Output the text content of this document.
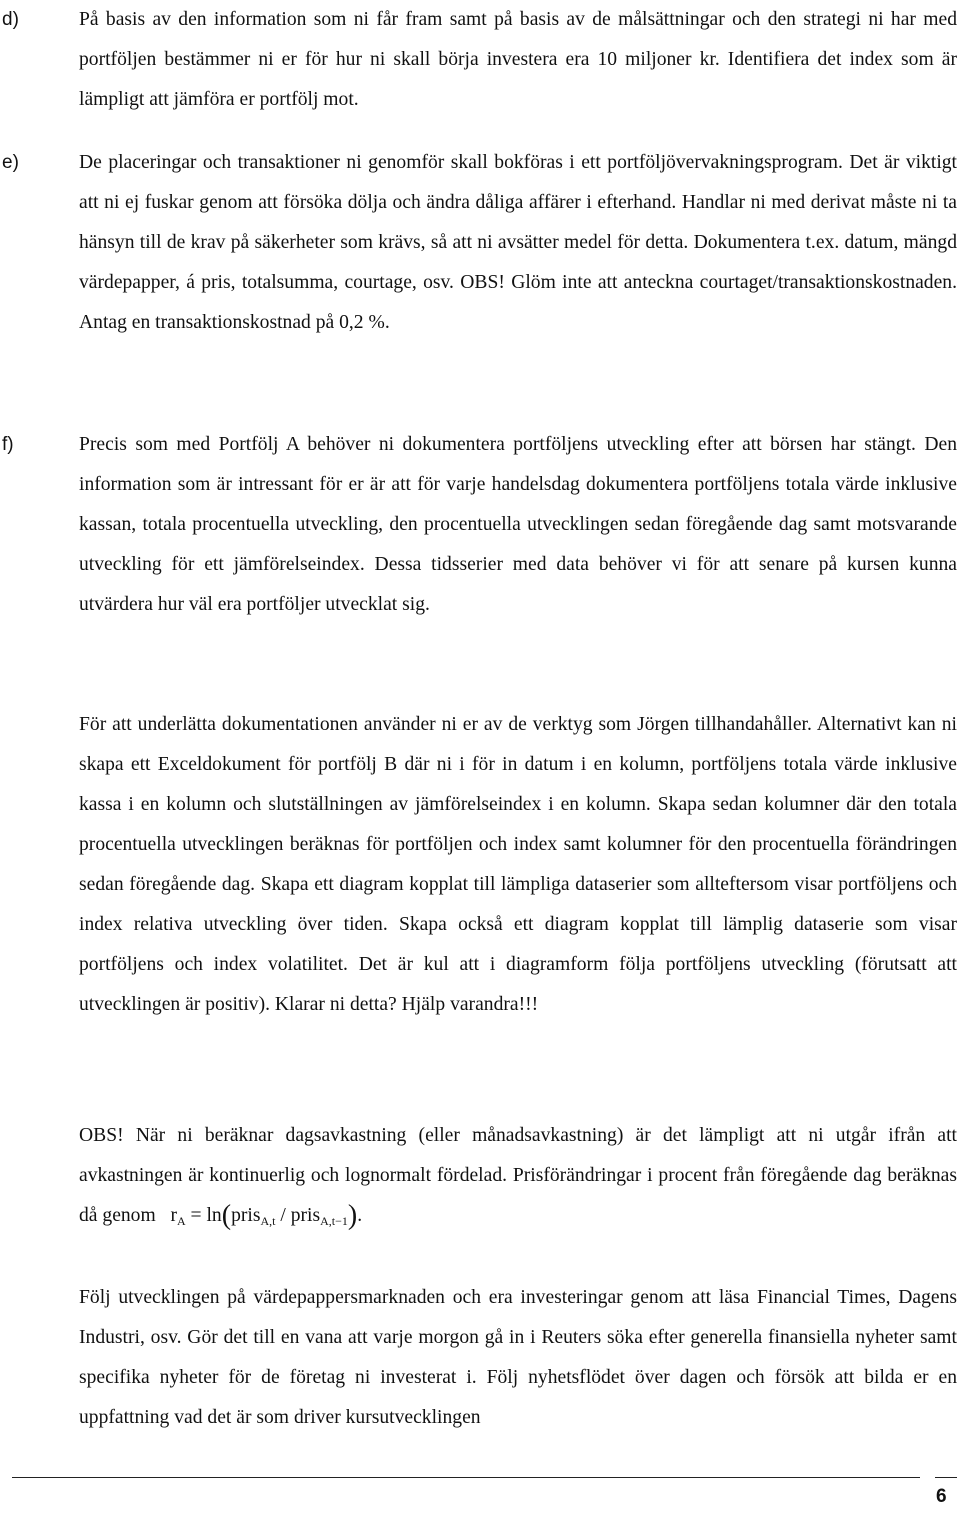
d)	På basis av den information som ni får fram samt på basis av de målsättningar och den strategi ni har med portföljen bestämmer ni er för hur ni skall börja investera era 10 miljoner kr. Identifiera det index som är lämpligt att jämföra er portfölj mot.
e)	De placeringar och transaktioner ni genomför skall bokföras i ett portföljövervakningsprogram. Det är viktigt att ni ej fuskar genom att försöka dölja och ändra dåliga affärer i efterhand. Handlar ni med derivat måste ni ta hänsyn till de krav på säkerheter som krävs, så att ni avsätter medel för detta. Dokumentera t.ex. datum, mängd värdepapper, á pris, totalsumma, courtage, osv. OBS! Glöm inte att anteckna courtaget/transaktionskostnaden. Antag en transaktionskostnad på 0,2 %.
f)	Precis som med Portfölj A behöver ni dokumentera portföljens utveckling efter att börsen har stängt. Den information som är intressant för er är att för varje handelsdag dokumentera portföljens totala värde inklusive kassan, totala procentuella utveckling, den procentuella utvecklingen sedan föregående dag samt motsvarande utveckling för ett jämförelseindex. Dessa tidsserier med data behöver vi för att senare på kursen kunna utvärdera hur väl era portföljer utvecklat sig.
För att underlätta dokumentationen använder ni er av de verktyg som Jörgen tillhandahåller. Alternativt kan ni skapa ett Exceldokument för portfölj B där ni i för in datum i en kolumn, portföljens totala värde inklusive kassa i en kolumn och slutställningen av jämförelseindex i en kolumn. Skapa sedan kolumner där den totala procentuella utvecklingen beräknas för portföljen och index samt kolumner för den procentuella förändringen sedan föregående dag. Skapa ett diagram kopplat till lämpliga dataserier som allteftersom visar portföljens och index relativa utveckling över tiden. Skapa också ett diagram kopplat till lämplig dataserie som visar portföljens och index volatilitet. Det är kul att i diagramform följa portföljens utveckling (förutsatt att utvecklingen är positiv). Klarar ni detta? Hjälp varandra!!!
OBS! När ni beräknar dagsavkastning (eller månadsavkastning) är det lämpligt att ni utgår ifrån att avkastningen är kontinuerlig och lognormalt fördelad. Prisförändringar i procent från föregående dag beräknas då genom $r_A$ = ln(pris$_{A,t}$ / pris$_{A,t-1}$).
Följ utvecklingen på värdepappersmarknaden och era investeringar genom att läsa Financial Times, Dagens Industri, osv. Gör det till en vana att varje morgon gå in i Reuters söka efter generella finansiella nyheter samt specifika nyheter för de företag ni investerat i. Följ nyhetsflödet över dagen och försök att bilda er en uppfattning vad det är som driver kursutvecklingen
6
